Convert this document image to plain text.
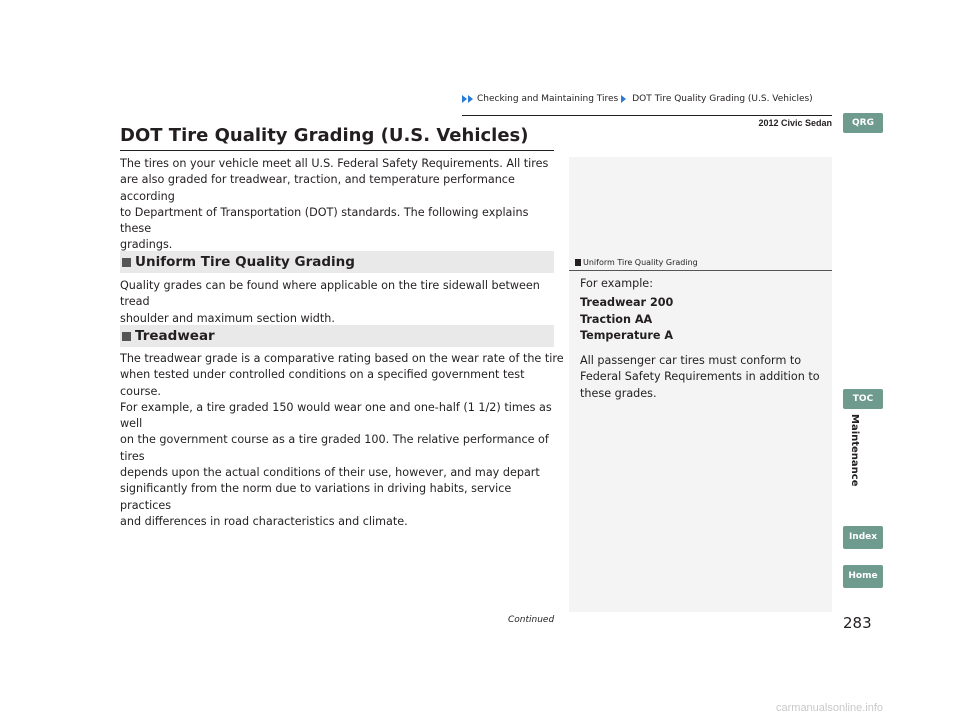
Checking and Maintaining Tires DOT Tire Quality Grading (U.S. Vehicles)
2012 Civic Sedan	QRG
TOC
Maintenance
Index
Home
DOT Tire Quality Grading (U.S. Vehicles)
The tires on your vehicle meet all U.S. Federal Safety Requirements. All tires
are also graded for treadwear, traction, and temperature performance according
to Department of Transportation (DOT) standards. The following explains these
gradings.
Uniform Tire Quality Grading
Quality grades can be found where applicable on the tire sidewall between tread
shoulder and maximum section width.
Treadwear
The treadwear grade is a comparative rating based on the wear rate of the tire
when tested under controlled conditions on a specified government test course.
For example, a tire graded 150 would wear one and one-half (1 1/2) times as well
on the government course as a tire graded 100. The relative performance of tires
depends upon the actual conditions of their use, however, and may depart
significantly from the norm due to variations in driving habits, service practices
and differences in road characteristics and climate.
Uniform Tire Quality Grading
For example:
Treadwear 200
Traction AA
Temperature A
All passenger car tires must conform to
Federal Safety Requirements in addition to
these grades.
Continued	283
carmanualsonline.info
